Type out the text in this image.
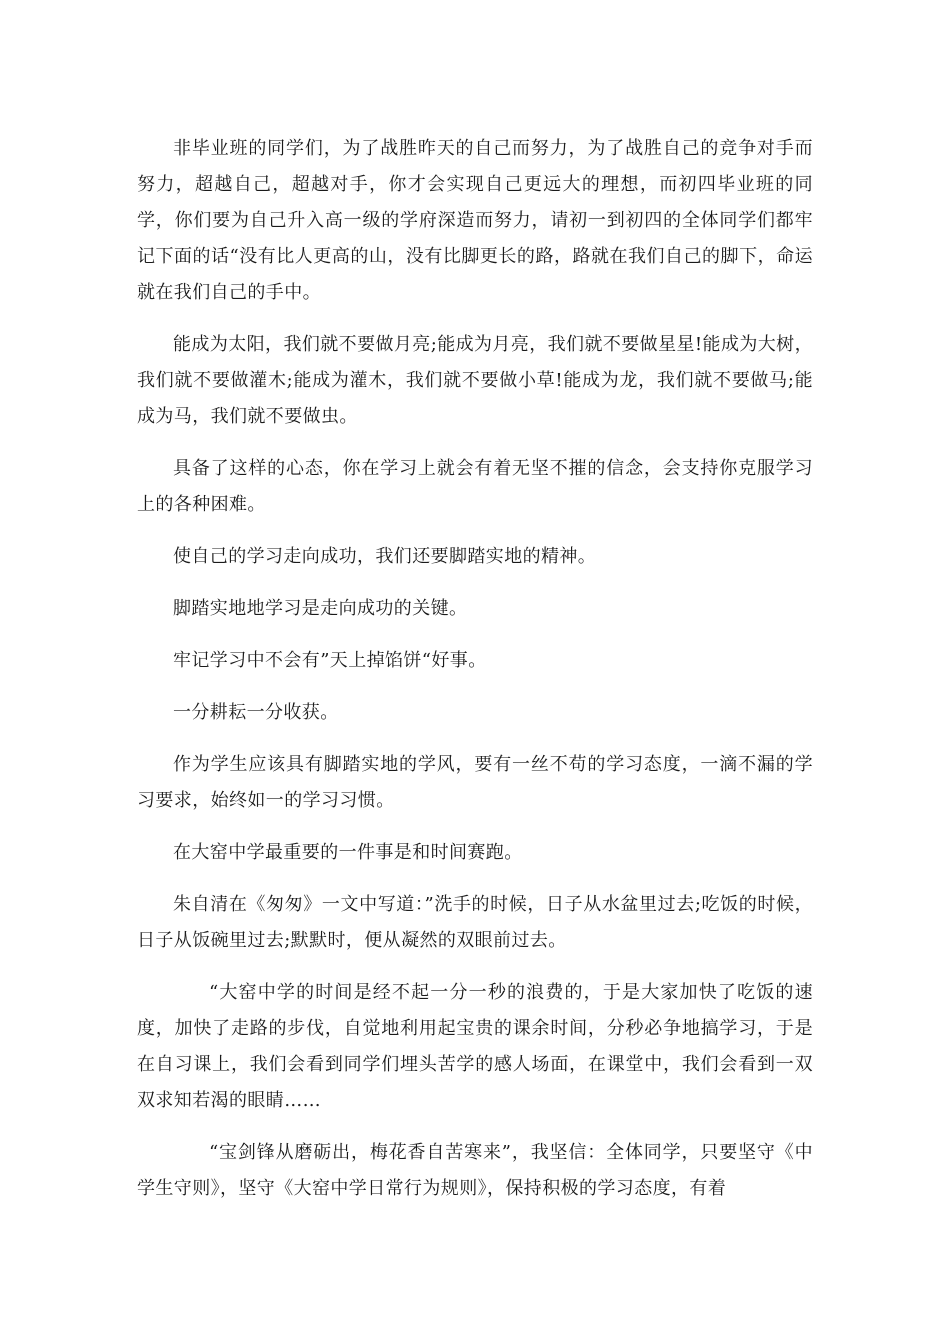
非毕业班的同学们，为了战胜昨天的自己而努力，为了战胜自己的竞争对手而努力，超越自己，超越对手，你才会实现自己更远大的理想，而初四毕业班的同学，你们要为自己升入高一级的学府深造而努力，请初一到初四的全体同学们都牢记下面的话“没有比人更高的山，没有比脚更长的路，路就在我们自己的脚下，命运就在我们自己的手中。

能成为太阳，我们就不要做月亮;能成为月亮，我们就不要做星星!能成为大树，我们就不要做灌木;能成为灌木，我们就不要做小草!能成为龙，我们就不要做马;能成为马，我们就不要做虫。

具备了这样的心态，你在学习上就会有着无坚不摧的信念，会支持你克服学习上的各种困难。

使自己的学习走向成功，我们还要脚踏实地的精神。

脚踏实地地学习是走向成功的关键。

牢记学习中不会有”天上掉馅饼“好事。

一分耕耘一分收获。

作为学生应该具有脚踏实地的学风，要有一丝不苟的学习态度，一滴不漏的学习要求，始终如一的学习习惯。

在大窑中学最重要的一件事是和时间赛跑。

朱自清在《匆匆》一文中写道：”洗手的时候，日子从水盆里过去;吃饭的时候，日子从饭碗里过去;默默时，便从凝然的双眼前过去。

“大窑中学的时间是经不起一分一秒的浪费的，于是大家加快了吃饭的速度，加快了走路的步伐，自觉地利用起宝贵的课余时间，分秒必争地搞学习，于是在自习课上，我们会看到同学们埋头苦学的感人场面，在课堂中，我们会看到一双双求知若渴的眼睛……

“宝剑锋从磨砺出，梅花香自苦寒来”，我坚信：全体同学，只要坚守《中学生守则》，坚守《大窑中学日常行为规则》，保持积极的学习态度，有着
